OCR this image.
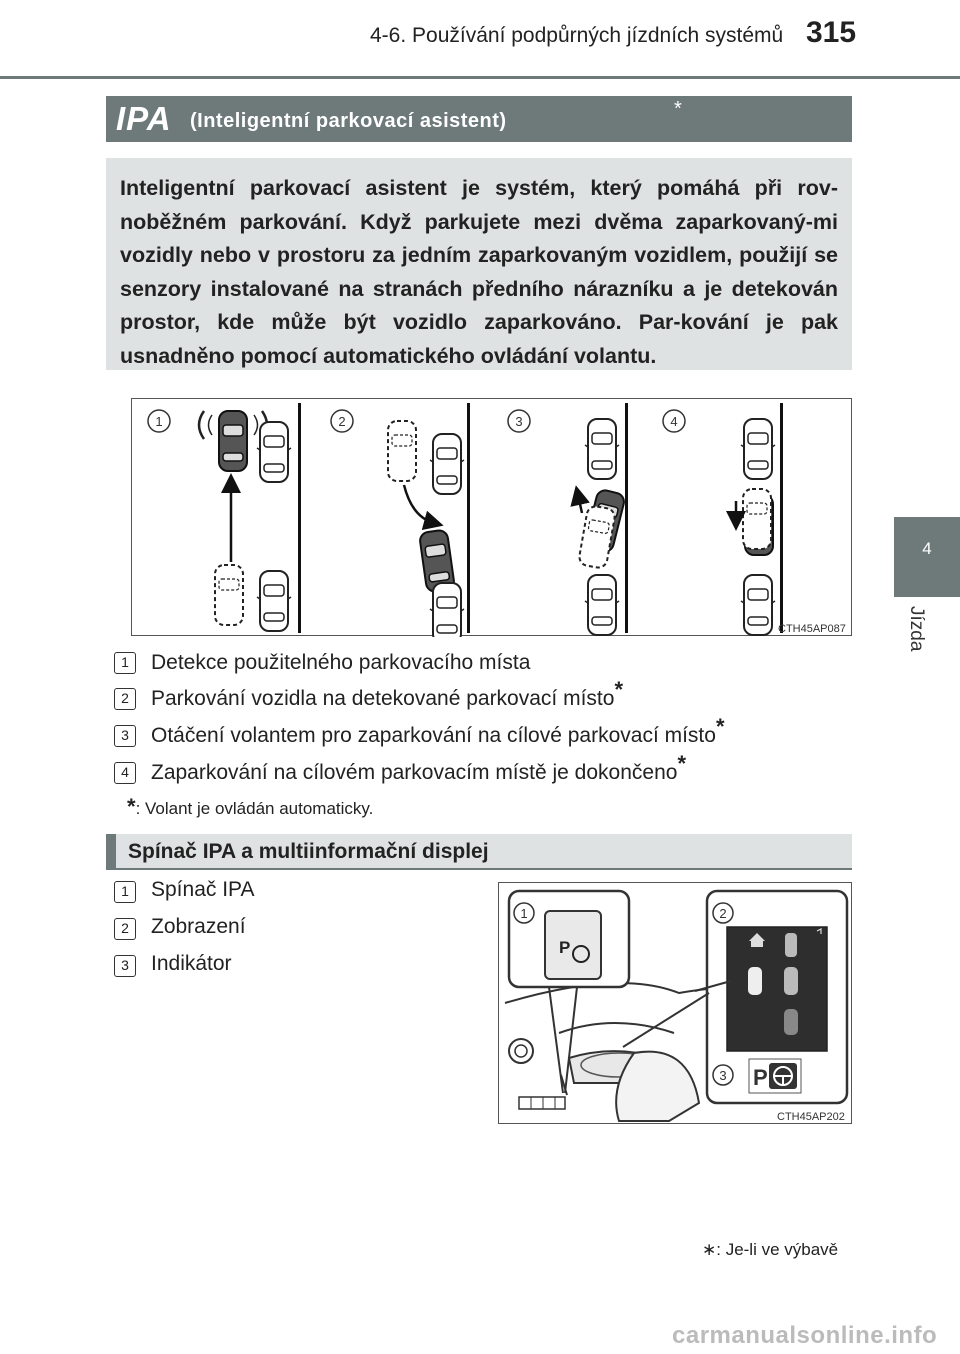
4-6. Používání podpůrných jízdních systémů 315
4
Jízda
IPA (Inteligentní parkovací asistent)
*
Inteligentní parkovací asistent je systém, který pomáhá při rov-noběžném parkování. Když parkujete mezi dvěma zaparkovaný-mi vozidly nebo v prostoru za jedním zaparkovaným vozidlem, použijí se senzory instalované na stranách předního nárazníku a je detekován prostor, kde může být vozidlo zaparkováno. Par-kování je pak usnadněno pomocí automatického ovládání volantu.
1	2	3	4
CTH45AP087
1	Detekce použitelného parkovacího místa
2	Parkování vozidla na detekované parkovací místo*
3	Otáčení volantem pro zaparkování na cílové parkovací místo*
4	Zaparkování na cílovém parkovacím místě je dokončeno*
*: Volant je ovládán automaticky.
Spínač IPA a multiinformační displej
1	Spínač IPA
2	Zobrazení
3	Indikátor
P
1	2
P
3
CTH45AP202
∗: Je-li ve výbavě
carmanualsonline.info
